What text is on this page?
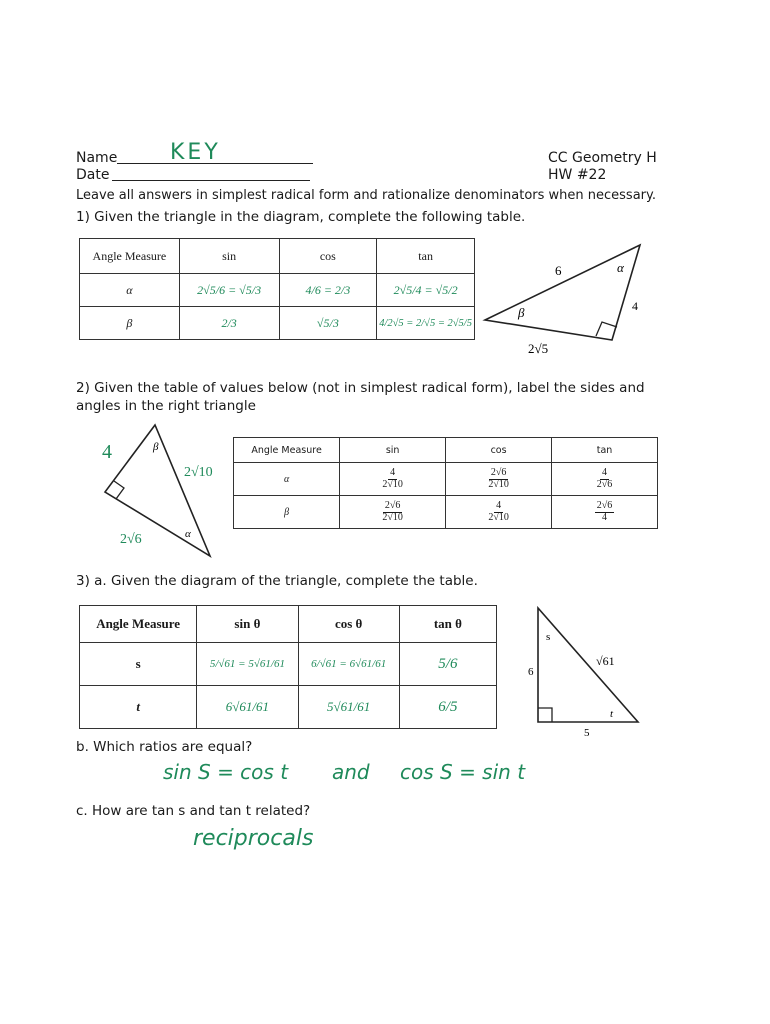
Name KEY
Date
CC Geometry H
HW #22
Leave all answers in simplest radical form and rationalize denominators when necessary.
1) Given the triangle in the diagram, complete the following table.
Angle Measure	sin	cos	tan
α	2√5/6 = √5/3	4/6 = 2/3	2√5/4 = √5/2
β	2/3	√5/3	4/2√5 = 2/√5 = 2√5/5
6
4
2√5
α
β
2) Given the table of values below (not in simplest radical form), label the sides and
angles in the right triangle
β
α
4
2√10
2√6
Angle Measure	sin	cos	tan
α	$\frac{4}{2√10}$	$\frac{2√6}{2√10}$	$\frac{4}{2√6}$

β	$\frac{2√6}{2√10}$	$\frac{4}{2√10}$	$\frac{2√6}{4}$
3) a. Given the diagram of the triangle, complete the table.
Angle Measure	sin θ	cos θ	tan θ
s	5/√61 = 5√61/61	6/√61 = 6√61/61	5/6
t	6√61/61	5√61/61	6/5
s
t
6
√61
5
b. Which ratios are equal?
sin S = cos t and cos S = sin t
c. How are tan s and tan t related?
reciprocals
